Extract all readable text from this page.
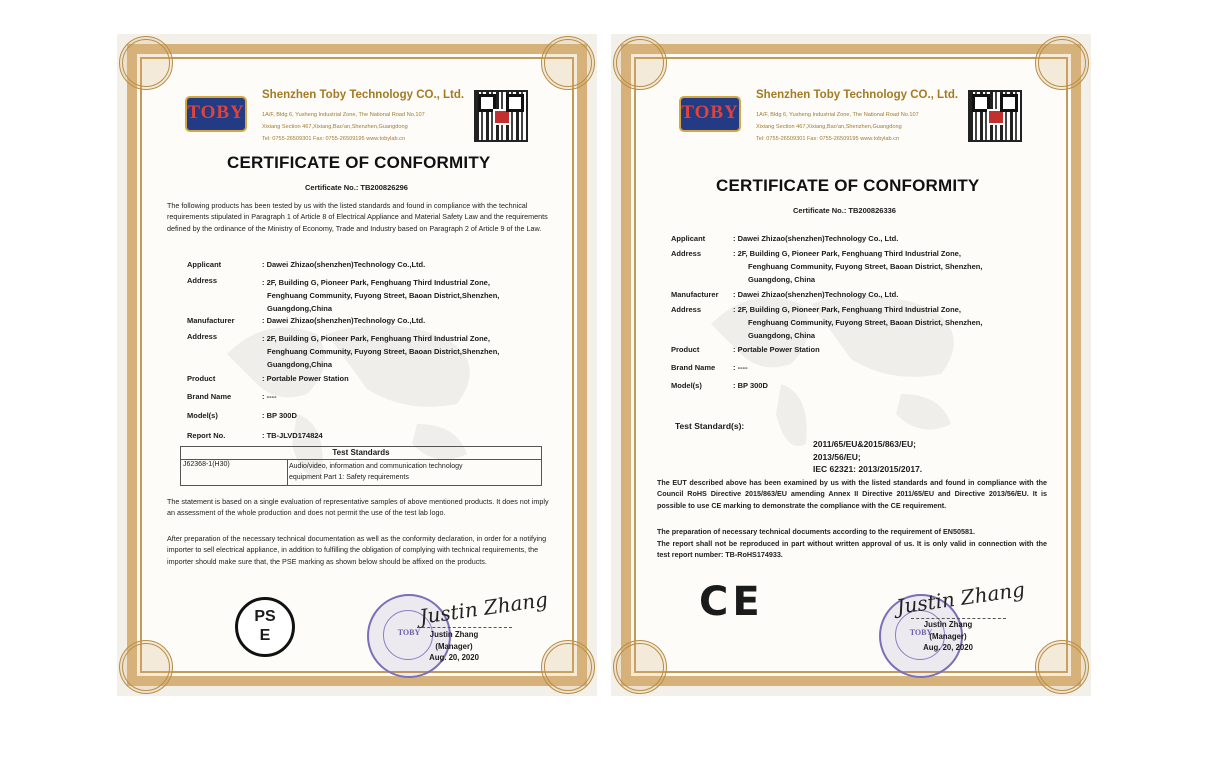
TOBY
Shenzhen Toby Technology CO., Ltd.
1A/F, Bldg 6, Yusheng Industrial Zone, The National Road No.107
Xixiang Section 467,Xixiang,Bao'an,Shenzhen,Guangdong
Tel: 0755-26509301 Fax: 0755-26509195 www.tobylab.cn
CERTIFICATE OF CONFORMITY
Certificate No.: TB200826296
The following products has been tested by us with the listed standards and found in compliance with the technical requirements stipulated in Paragraph 1 of Article 8 of Electrical Appliance and Material Safety Law and the requirements defined by the ordinance of the Ministry of Economy, Trade and Industry based on Paragraph 2 of Article 9 of the Law.
Applicant	: Dawei Zhizao(shenzhen)Technology Co.,Ltd.
Address	: 2F, Building G, Pioneer Park, Fenghuang Third Industrial Zone,
Fenghuang Community, Fuyong Street, Baoan District,Shenzhen,
Guangdong,China
Manufacturer	: Dawei Zhizao(shenzhen)Technology Co.,Ltd.
Address	: 2F, Building G, Pioneer Park, Fenghuang Third Industrial Zone,
Fenghuang Community, Fuyong Street, Baoan District,Shenzhen,
Guangdong,China
Product	: Portable Power Station
Brand Name	: ----
Model(s)	: BP 300D
Report No.	: TB-JLVD174824
Test Standards
J62368-1(H30)	Audio/video, information and communication technology
equipment Part 1: Safety requirements
The statement is based on a single evaluation of representative samples of above mentioned products. It does not imply an assessment of the whole production and does not permit the use of the test lab logo.
After preparation of the necessary technical documentation as well as the conformity declaration, in order for a notifying importer to sell electrical appliance, in addition to fulfilling the obligation of complying with technical requirements, the importer should make sure that, the PSE marking as shown below should be affixed on the products.
PS
E	TOBY
Justin Zhang
Justin Zhang
(Manager)
Aug. 20, 2020
TOBY
Shenzhen Toby Technology CO., Ltd.
1A/F, Bldg 6, Yusheng Industrial Zone, The National Road No.107
Xixiang Section 467,Xixiang,Bao'an,Shenzhen,Guangdong
Tel: 0755-26509301 Fax: 0755-26509195 www.tobylab.cn
CERTIFICATE OF CONFORMITY
Certificate No.: TB200826336
Applicant	: Dawei Zhizao(shenzhen)Technology Co., Ltd.
Address	: 2F, Building G, Pioneer Park, Fenghuang Third Industrial Zone,
Fenghuang Community, Fuyong Street, Baoan District, Shenzhen,
Guangdong, China
Manufacturer : Dawei Zhizao(shenzhen)Technology Co., Ltd.
Address	: 2F, Building G, Pioneer Park, Fenghuang Third Industrial Zone,
Fenghuang Community, Fuyong Street, Baoan District, Shenzhen,
Guangdong, China
Product	: Portable Power Station
Brand Name : ----
Model(s)	: BP 300D
Test Standard(s):
2011/65/EU&2015/863/EU;
2013/56/EU;
IEC 62321: 2013/2015/2017.
The EUT described above has been examined by us with the listed standards and found in compliance with the Council RoHS Directive 2015/863/EU amending Annex II Directive 2011/65/EU and Directive 2013/56/EU. It is possible to use CE marking to demonstrate the compliance with the CE requirement.
The preparation of necessary technical documents according to the requirement of EN50581.
The report shall not be reproduced in part without written approval of us. It is only valid in connection with the test report number: TB-RoHS174933.
CE
TOBY
Justin Zhang
Justin Zhang
(Manager)
Aug. 20, 2020
